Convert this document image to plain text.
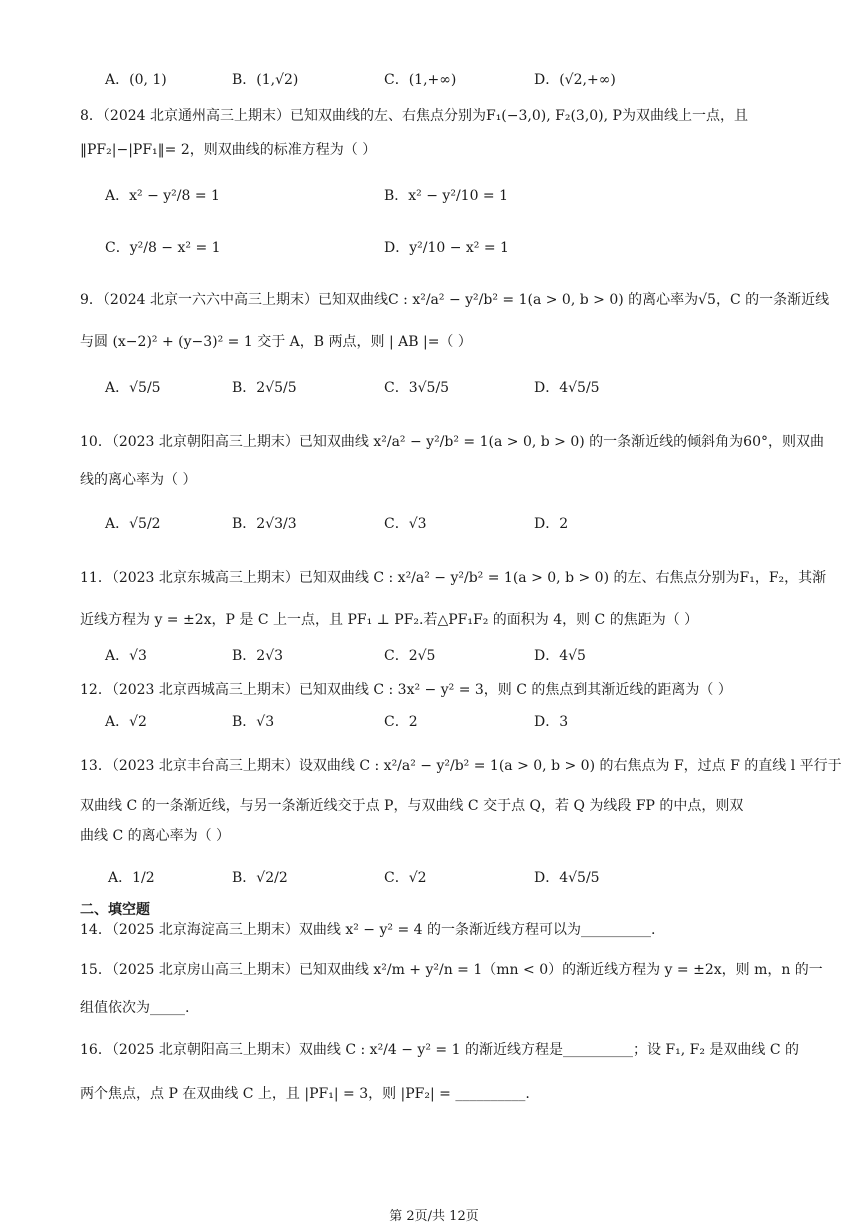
A．(0, 1)	B．(1,√2)	C．(1,+∞)	D．(√2,+∞)
8．（2024 北京通州高三上期末）已知双曲线的左、右焦点分别为F₁(−3,0), F₂(3,0), P为双曲线上一点，且
‖PF₂|−|PF₁‖= 2，则双曲线的标准方程为（ ）
A．x² − y²/8 = 1	B．x² − y²/10 = 1
C．y²/8 − x² = 1	D．y²/10 − x² = 1
9．（2024 北京一六六中高三上期末）已知双曲线C : x²/a² − y²/b² = 1(a > 0, b > 0) 的离心率为√5，C 的一条渐近线
与圆 (x−2)² + (y−3)² = 1 交于 A，B 两点，则 | AB |=（ ）
A．√5/5	B．2√5/5	C．3√5/5	D．4√5/5
10．（2023 北京朝阳高三上期末）已知双曲线 x²/a² − y²/b² = 1(a > 0, b > 0) 的一条渐近线的倾斜角为60°，则双曲
线的离心率为（ ）
A．√5/2	B．2√3/3	C．√3	D．2
11．（2023 北京东城高三上期末）已知双曲线 C : x²/a² − y²/b² = 1(a > 0, b > 0) 的左、右焦点分别为F₁，F₂，其渐
近线方程为 y = ±2x，P 是 C 上一点，且 PF₁ ⊥ PF₂.若△PF₁F₂ 的面积为 4，则 C 的焦距为（ ）
A．√3	B．2√3	C．2√5	D．4√5
12．（2023 北京西城高三上期末）已知双曲线 C : 3x² − y² = 3，则 C 的焦点到其渐近线的距离为（ ）
A．√2	B．√3	C．2	D．3
13．（2023 北京丰台高三上期末）设双曲线 C : x²/a² − y²/b² = 1(a > 0, b > 0) 的右焦点为 F，过点 F 的直线 l 平行于
双曲线 C 的一条渐近线，与另一条渐近线交于点 P，与双曲线 C 交于点 Q，若 Q 为线段 FP 的中点，则双
曲线 C 的离心率为（ ）
A．1/2	B．√2/2	C．√2	D．4√5/5
二、填空题
14．（2025 北京海淀高三上期末）双曲线 x² − y² = 4 的一条渐近线方程可以为__________.
15．（2025 北京房山高三上期末）已知双曲线 x²/m + y²/n = 1（mn < 0）的渐近线方程为 y = ±2x，则 m，n 的一
组值依次为_____.
16．（2025 北京朝阳高三上期末）双曲线 C : x²/4 − y² = 1 的渐近线方程是__________；设 F₁, F₂ 是双曲线 C 的
两个焦点，点 P 在双曲线 C 上，且 |PF₁| = 3，则 |PF₂| = __________.
第 2页/共 12页
